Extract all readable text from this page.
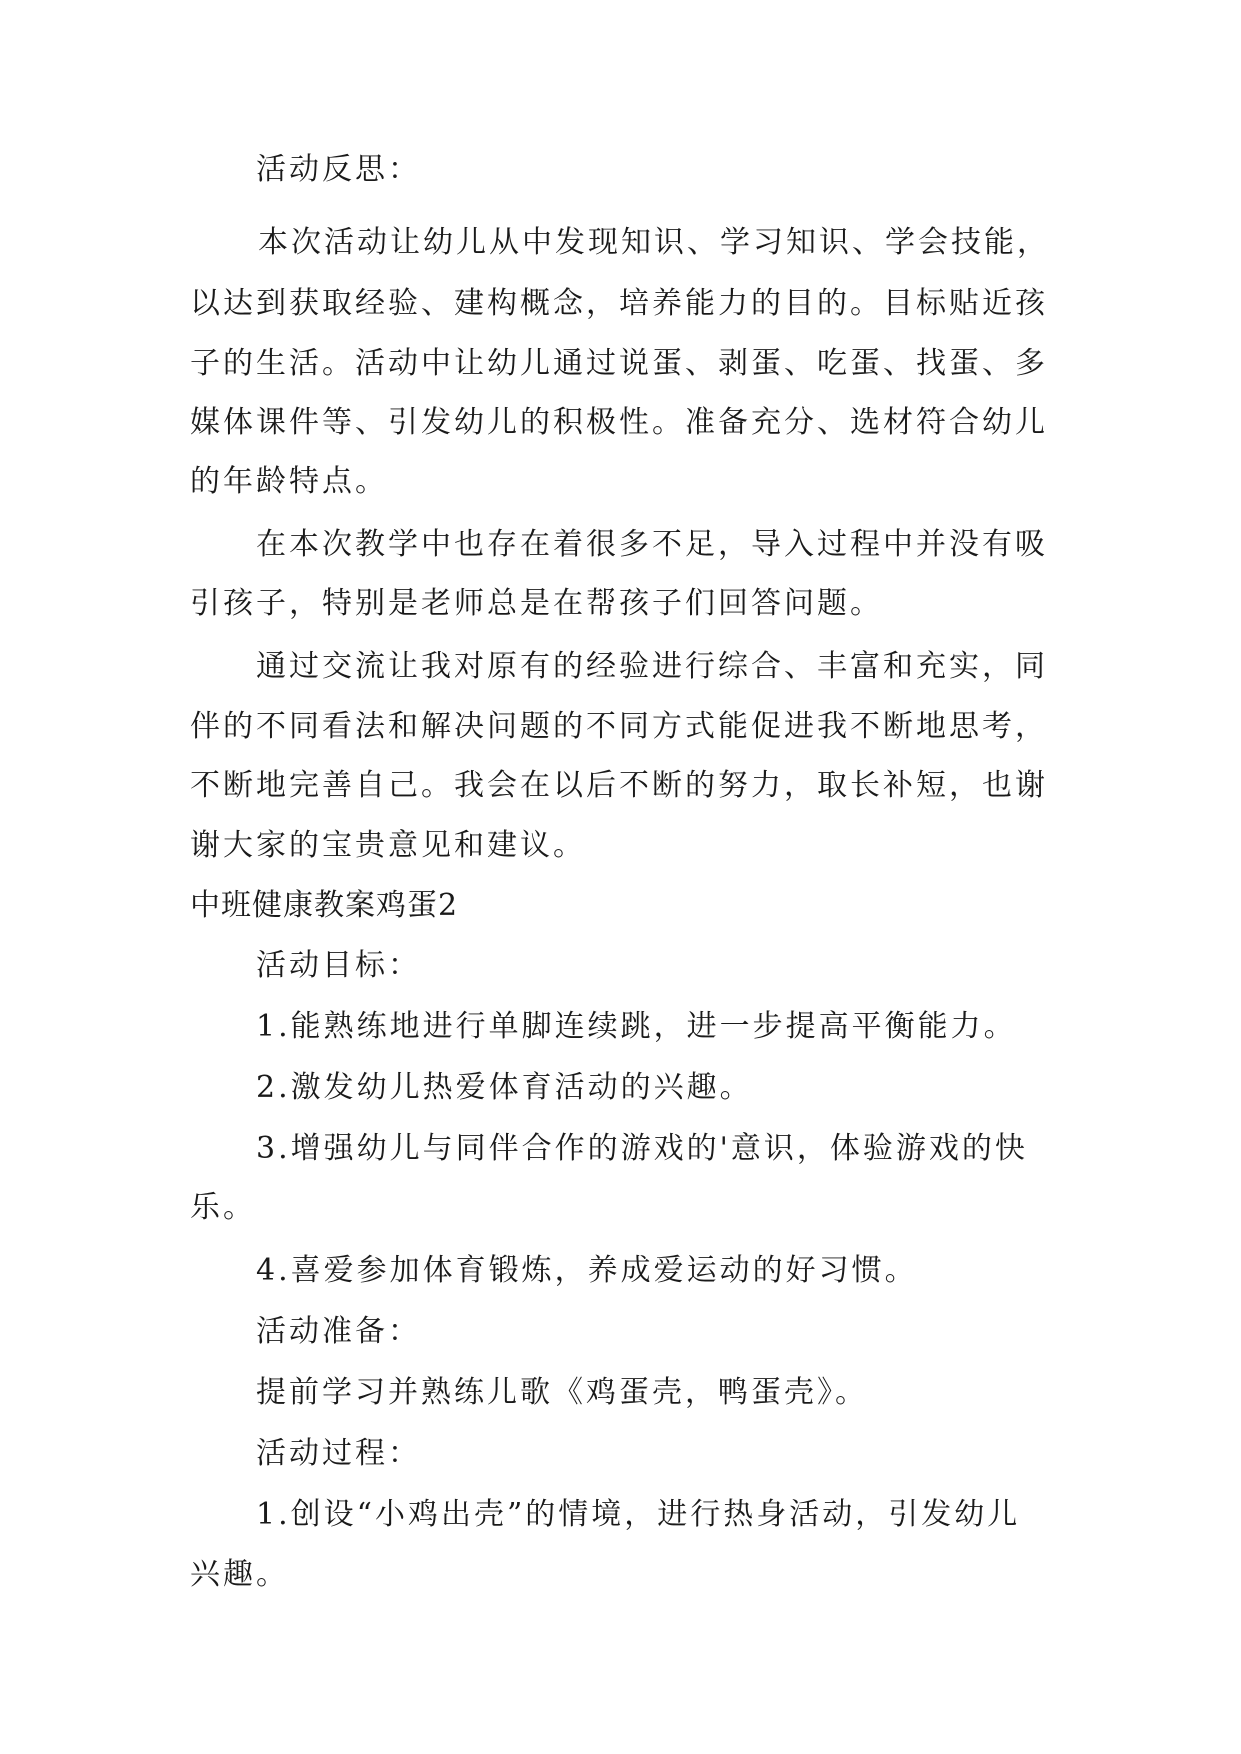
活动反思：

本次活动让幼儿从中发现知识、学习知识、学会技能，

以达到获取经验、建构概念，培养能力的目的。目标贴近孩

子的生活。活动中让幼儿通过说蛋、剥蛋、吃蛋、找蛋、多

媒体课件等、引发幼儿的积极性。准备充分、选材符合幼儿

的年龄特点。

在本次教学中也存在着很多不足，导入过程中并没有吸

引孩子，特别是老师总是在帮孩子们回答问题。

通过交流让我对原有的经验进行综合、丰富和充实，同

伴的不同看法和解决问题的不同方式能促进我不断地思考，

不断地完善自己。我会在以后不断的努力，取长补短，也谢

谢大家的宝贵意见和建议。

中班健康教案鸡蛋2

活动目标：

1.能熟练地进行单脚连续跳，进一步提高平衡能力。

2.激发幼儿热爱体育活动的兴趣。

3.增强幼儿与同伴合作的游戏的'意识，体验游戏的快

乐。

4.喜爱参加体育锻炼，养成爱运动的好习惯。

活动准备：

提前学习并熟练儿歌《鸡蛋壳，鸭蛋壳》。

活动过程：

1.创设“小鸡出壳”的情境，进行热身活动，引发幼儿

兴趣。
